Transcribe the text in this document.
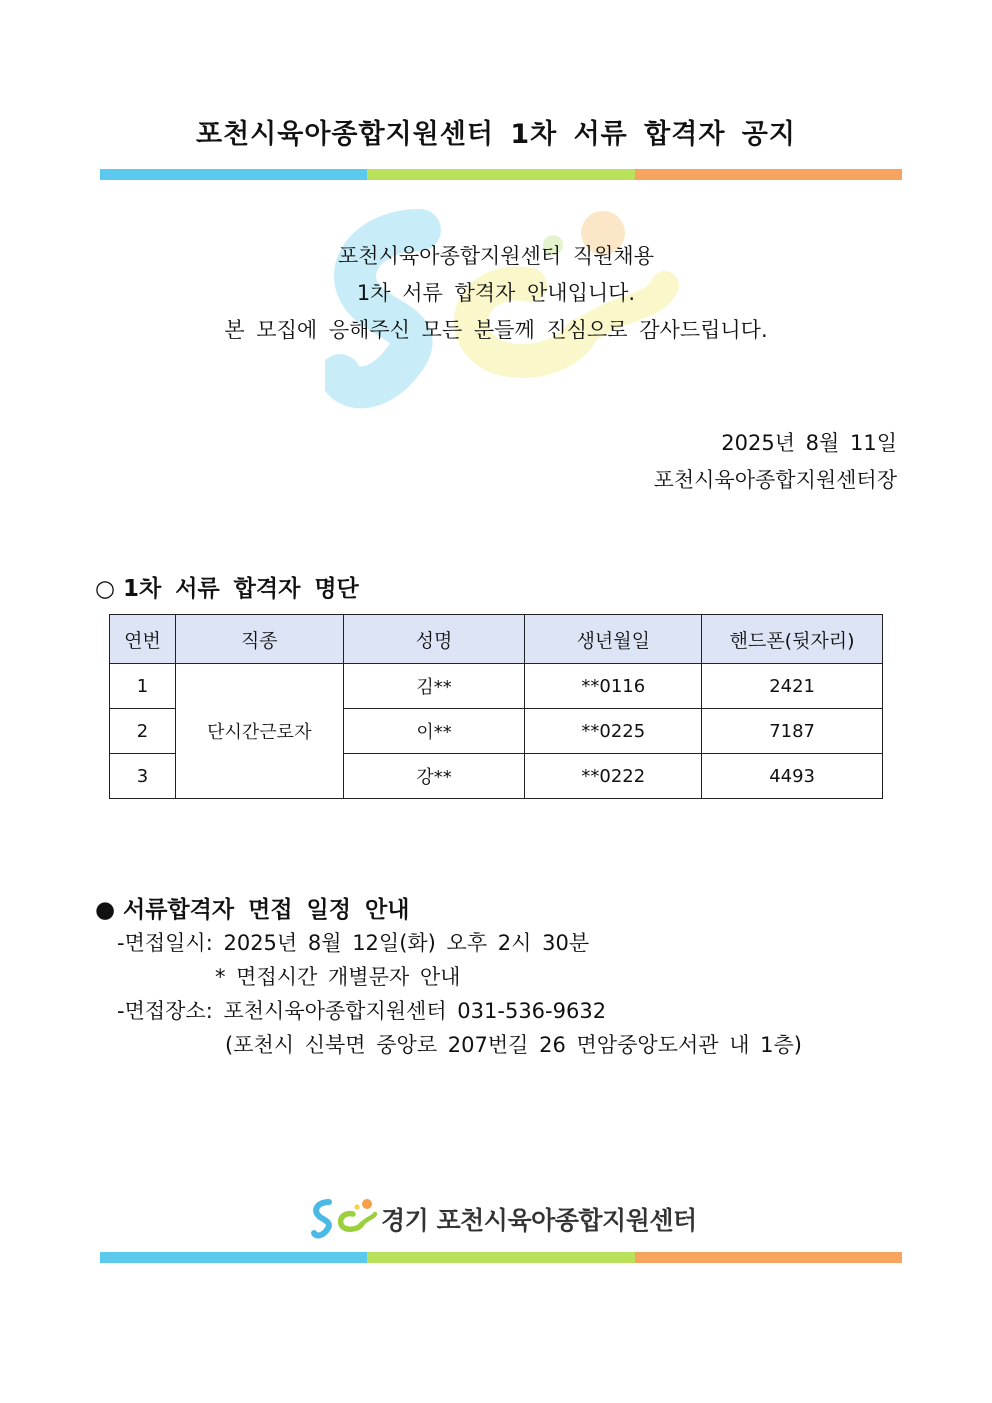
포천시육아종합지원센터 1차 서류 합격자 공지
포천시육아종합지원센터 직원채용
1차 서류 합격자 안내입니다.
본 모집에 응해주신 모든 분들께 진심으로 감사드립니다.
2025년 8월 11일
포천시육아종합지원센터장
○ 1차 서류 합격자 명단
연번	직종	성명	생년월일	핸드폰(뒷자리)
1	단시간근로자	김**	**0116	2421
2		이**	**0225	7187
3		강**	**0222	4493
● 서류합격자 면접 일정 안내
-면접일시: 2025년 8월 12일(화) 오후 2시 30분
* 면접시간 개별문자 안내
-면접장소: 포천시육아종합지원센터 031-536-9632
(포천시 신북면 중앙로 207번길 26 면암중앙도서관 내 1층)
경기 포천시육아종합지원센터
